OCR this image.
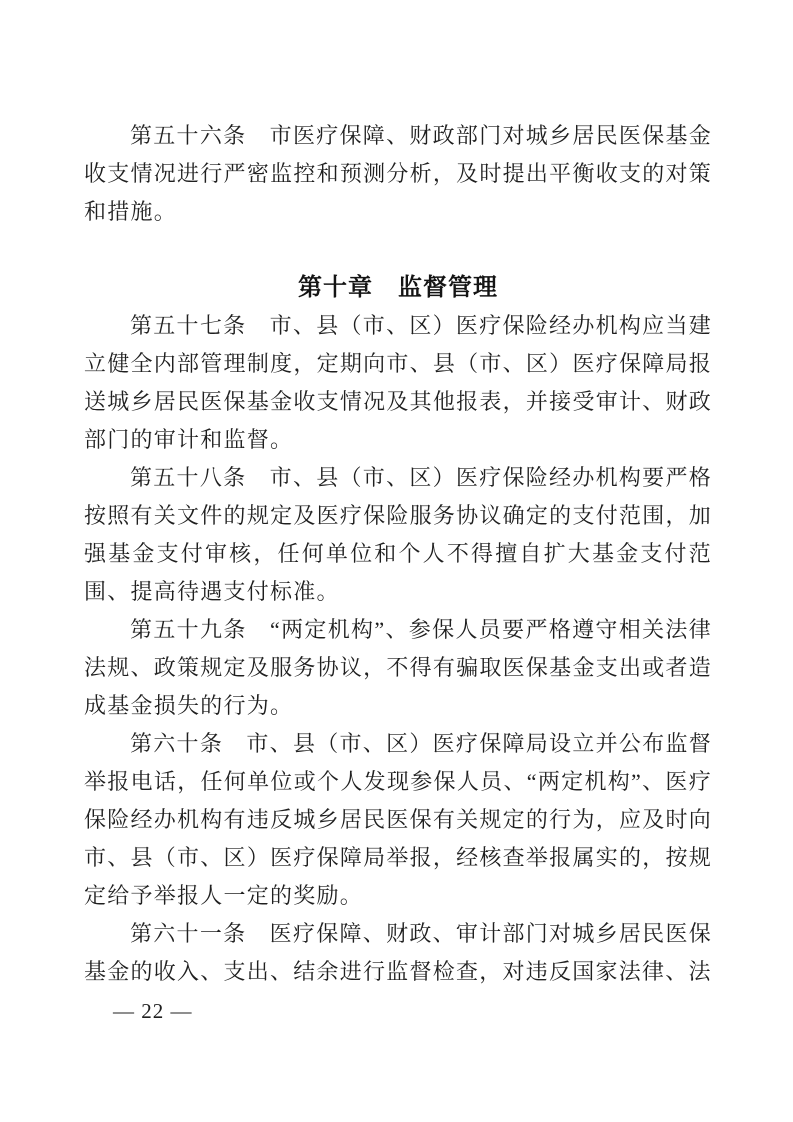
第五十六条　市医疗保障、财政部门对城乡居民医保基金收支情况进行严密监控和预测分析，及时提出平衡收支的对策和措施。

第十章　监督管理

第五十七条　市、县（市、区）医疗保险经办机构应当建立健全内部管理制度，定期向市、县（市、区）医疗保障局报送城乡居民医保基金收支情况及其他报表，并接受审计、财政部门的审计和监督。

第五十八条　市、县（市、区）医疗保险经办机构要严格按照有关文件的规定及医疗保险服务协议确定的支付范围，加强基金支付审核，任何单位和个人不得擅自扩大基金支付范围、提高待遇支付标准。

第五十九条　“两定机构”、参保人员要严格遵守相关法律法规、政策规定及服务协议，不得有骗取医保基金支出或者造成基金损失的行为。

第六十条　市、县（市、区）医疗保障局设立并公布监督举报电话，任何单位或个人发现参保人员、“两定机构”、医疗保险经办机构有违反城乡居民医保有关规定的行为，应及时向市、县（市、区）医疗保障局举报，经核查举报属实的，按规定给予举报人一定的奖励。

第六十一条　医疗保障、财政、审计部门对城乡居民医保基金的收入、支出、结余进行监督检查，对违反国家法律、法

— 22 —
